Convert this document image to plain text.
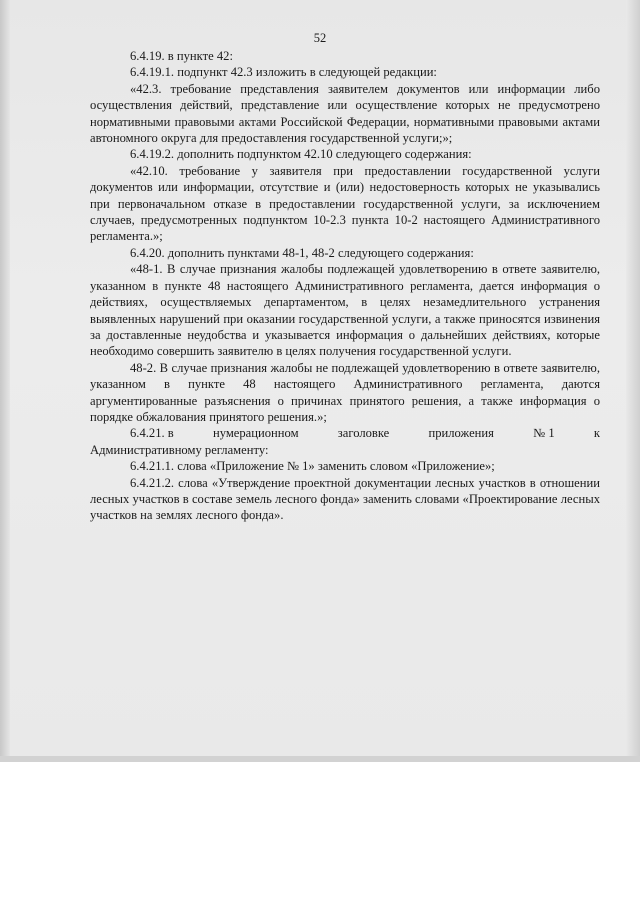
52

6.4.19. в пункте 42:

6.4.19.1. подпункт 42.3 изложить в следующей редакции:

«42.3. требование представления заявителем документов или информации либо осуществления действий, представление или осуществление которых не предусмотрено нормативными правовыми актами Российской Федерации, нормативными правовыми актами автономного округа для предоставления государственной услуги;»;

6.4.19.2. дополнить подпунктом 42.10 следующего содержания:

«42.10. требование у заявителя при предоставлении государственной услуги документов или информации, отсутствие и (или) недостоверность которых не указывались при первоначальном отказе в предоставлении государственной услуги, за исключением случаев, предусмотренных подпунктом 10-2.3 пункта 10-2 настоящего Административного регламента.»;

6.4.20. дополнить пунктами 48-1, 48-2 следующего содержания:

«48-1. В случае признания жалобы подлежащей удовлетворению в ответе заявителю, указанном в пункте 48 настоящего Административного регламента, дается информация о действиях, осуществляемых департаментом, в целях незамедлительного устранения выявленных нарушений при оказании государственной услуги, а также приносятся извинения за доставленные неудобства и указывается информация о дальнейших действиях, которые необходимо совершить заявителю в целях получения государственной услуги.

48-2. В случае признания жалобы не подлежащей удовлетворению в ответе заявителю, указанном в пункте 48 настоящего Административного регламента, даются аргументированные разъяснения о причинах принятого решения, а также информация о порядке обжалования принятого решения.»;

6.4.21. в	нумерационном	заголовке	приложения	№ 1	к
Административному регламенту:

6.4.21.1. слова «Приложение № 1» заменить словом «Приложение»;

6.4.21.2. слова «Утверждение проектной документации лесных участков в отношении лесных участков в составе земель лесного фонда» заменить словами «Проектирование лесных участков на землях лесного фонда».
